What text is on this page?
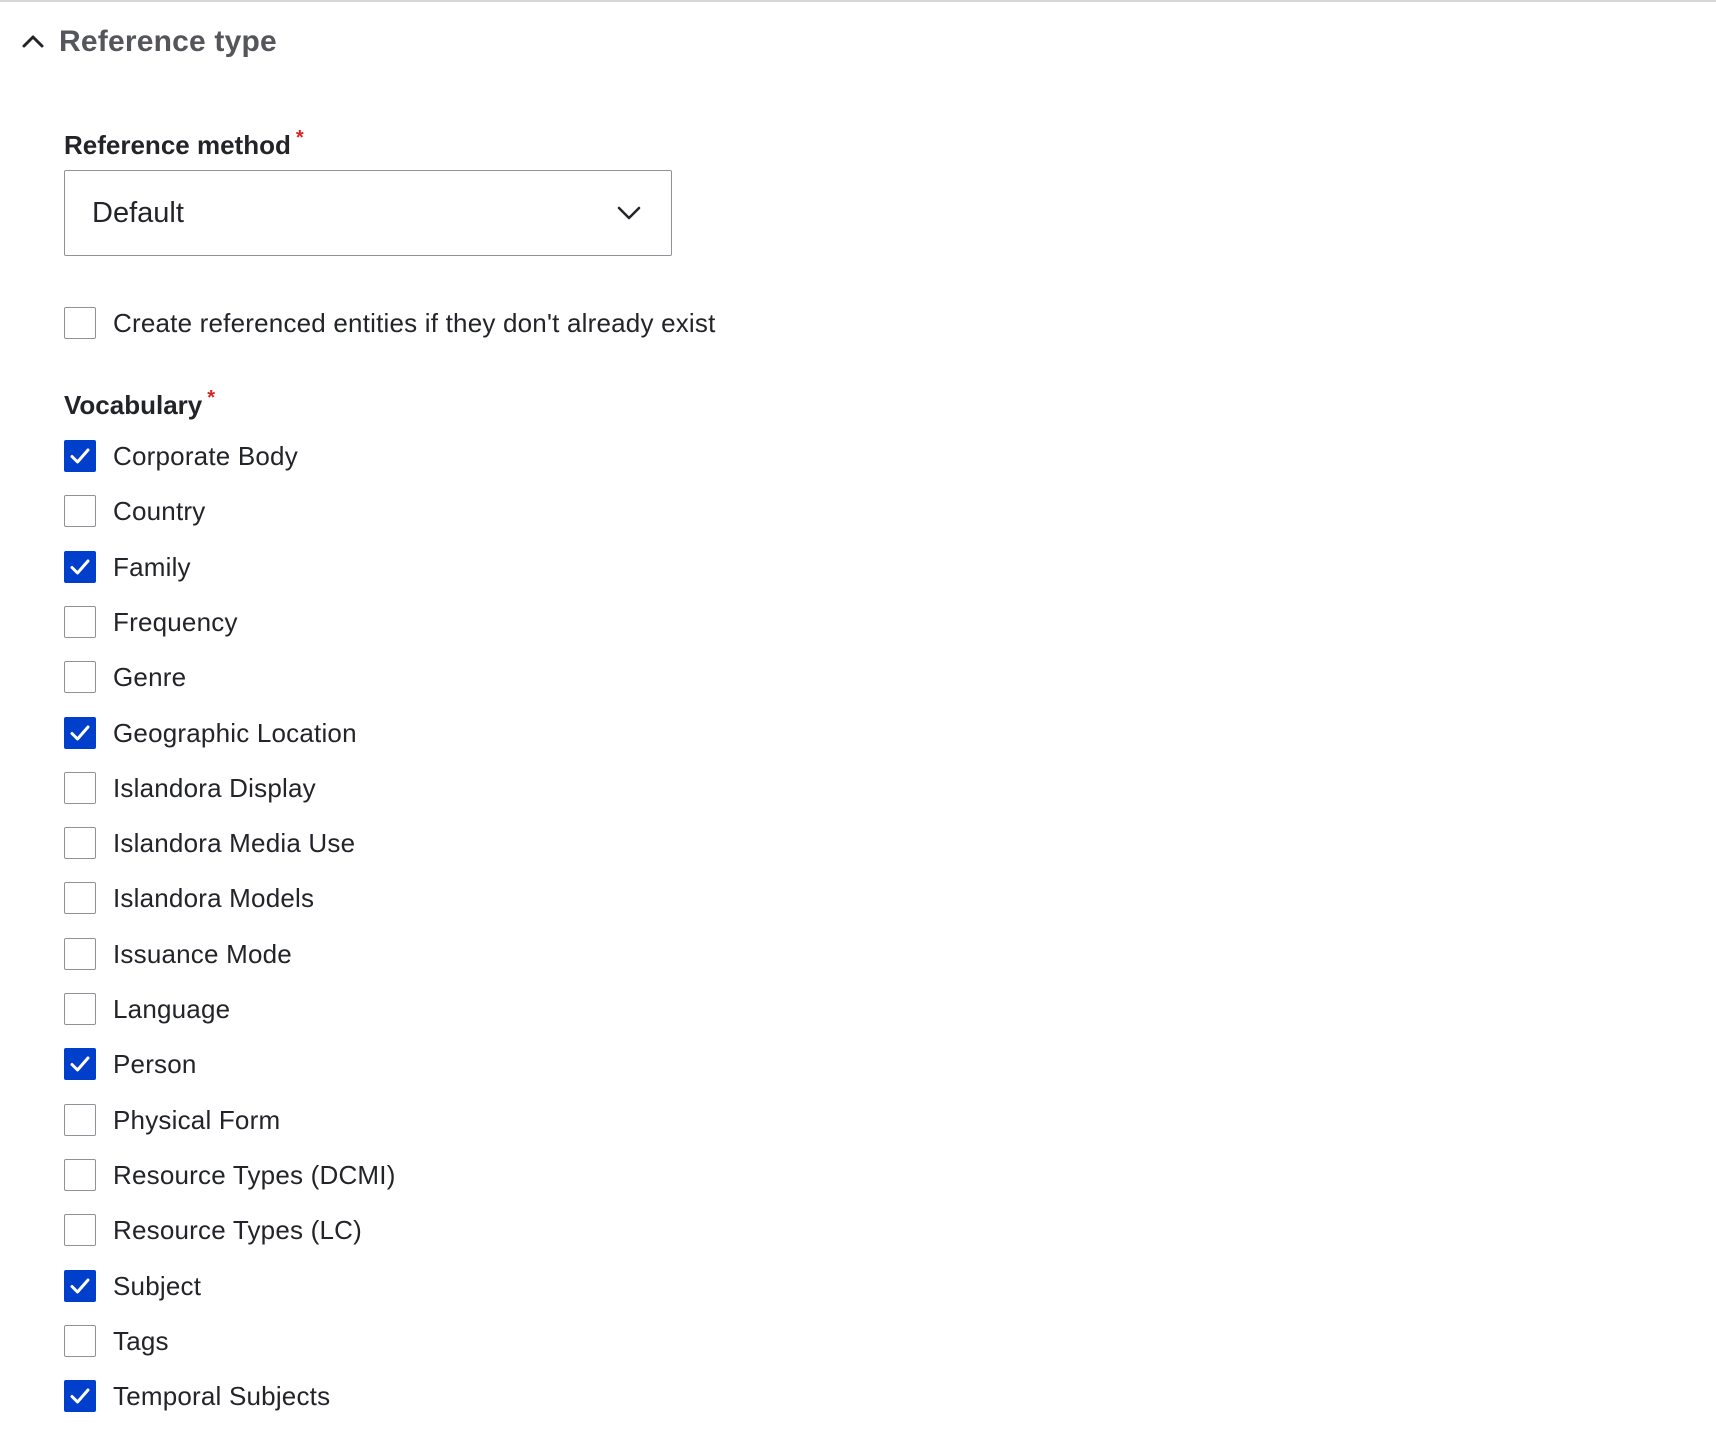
Reference type
Reference method *
Default
Create referenced entities if they don't already exist
Vocabulary *
Corporate Body
Country
Family
Frequency
Genre
Geographic Location
Islandora Display
Islandora Media Use
Islandora Models
Issuance Mode
Language
Person
Physical Form
Resource Types (DCMI)
Resource Types (LC)
Subject
Tags
Temporal Subjects
